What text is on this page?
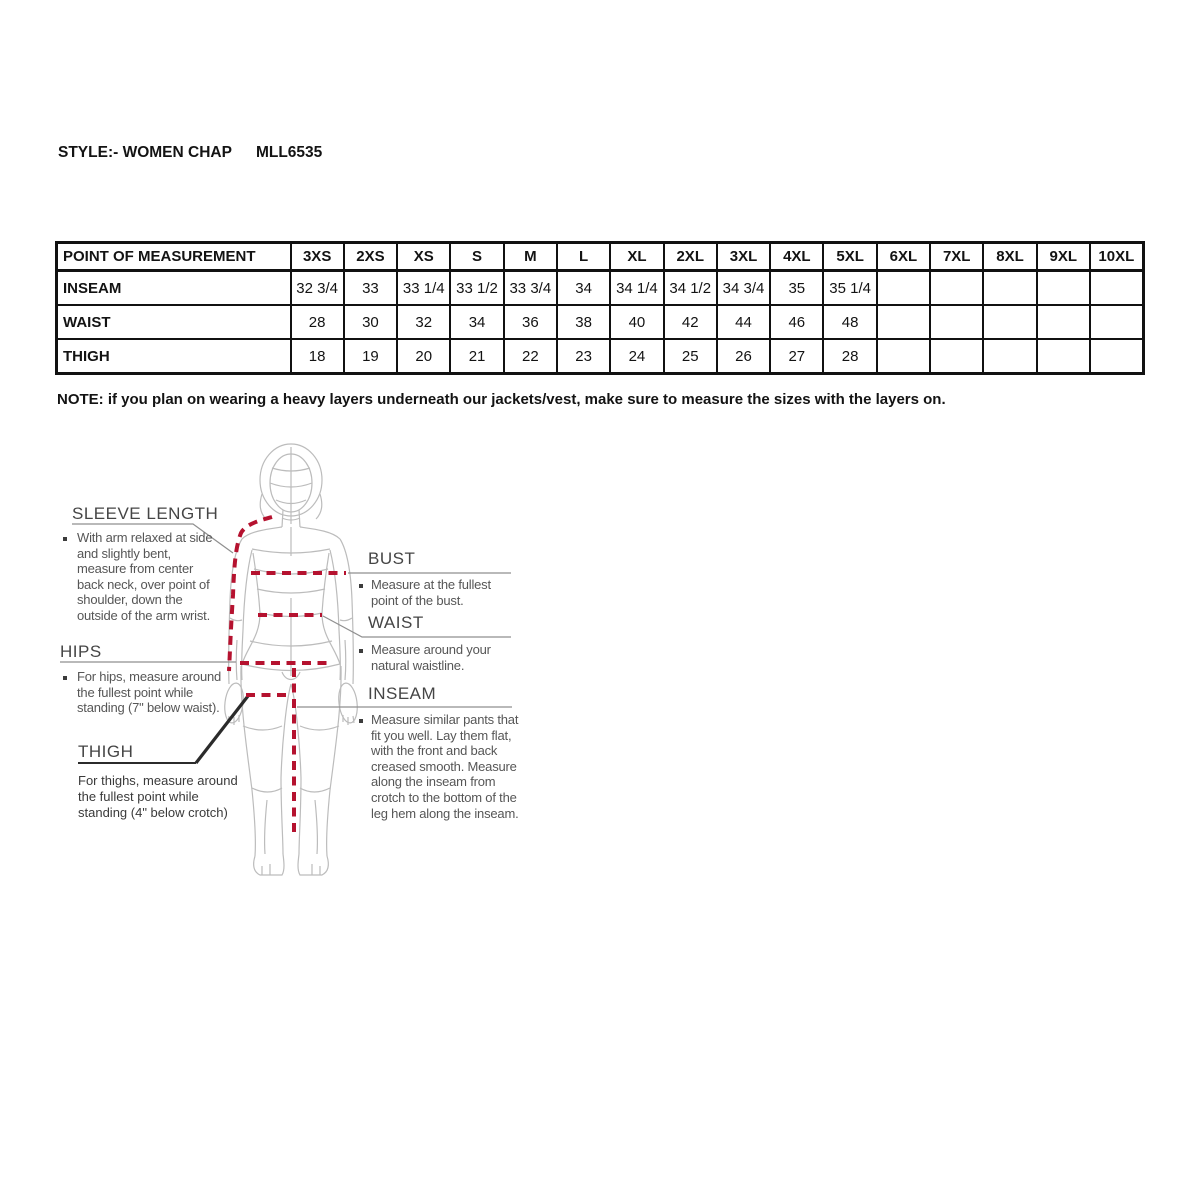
STYLE:- WOMEN CHAP MLL6535
POINT OF MEASUREMENT	3XS	2XS	XS	S	M	L	XL	2XL	3XL	4XL	5XL	6XL	7XL	8XL	9XL	10XL
INSEAM	32 3/4	33	33 1/4	33 1/2	33 3/4	34	34 1/4	34 1/2	34 3/4	35	35 1/4					
WAIST	28	30	32	34	36	38	40	42	44	46	48					
THIGH	18	19	20	21	22	23	24	25	26	27	28					
NOTE: if you plan on wearing a heavy layers underneath our jackets/vest, make sure to measure the sizes with the layers on.
SLEEVE LENGTH
With arm relaxed at side and slightly bent, measure from center back neck, over point of shoulder, down the outside of the arm wrist.
HIPS
For hips, measure around the fullest point while standing (7" below waist).
THIGH
For thighs, measure around the fullest point while standing (4" below crotch)
BUST
Measure at the fullest point of the bust.
WAIST
Measure around your natural waistline.
INSEAM
Measure similar pants that fit you well. Lay them flat, with the front and back creased smooth. Measure along the inseam from crotch to the bottom of the leg hem along the inseam.
